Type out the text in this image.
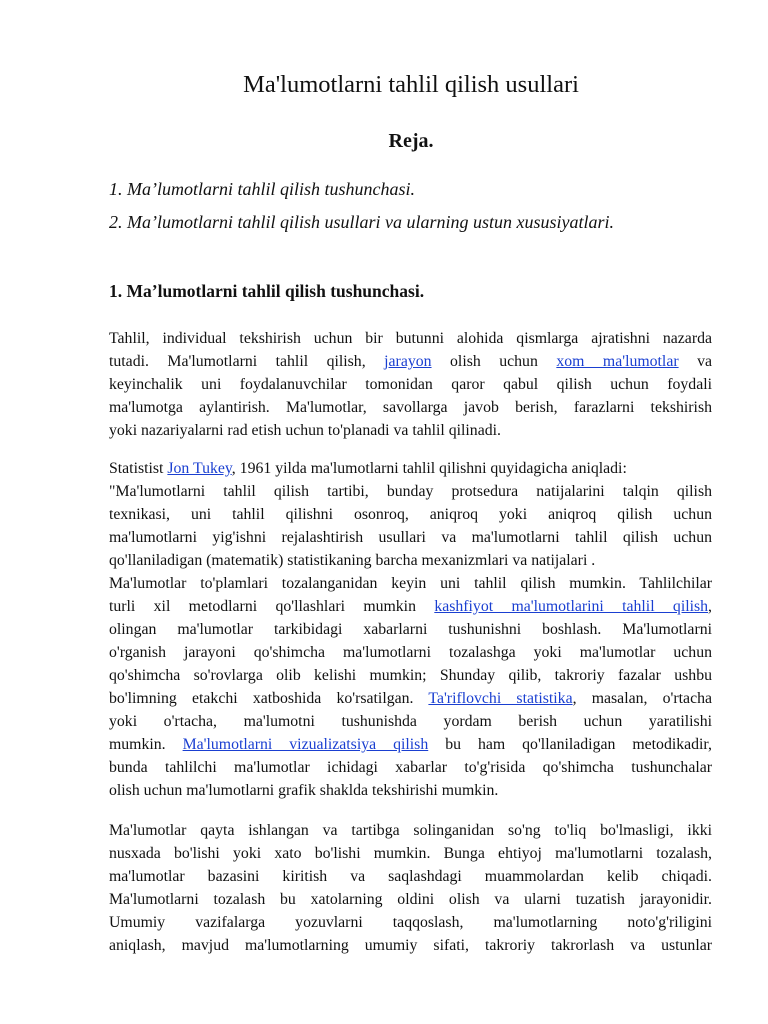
Ma'lumotlarni tahlil qilish usullari
Reja.
1. Ma’lumotlarni tahlil qilish tushunchasi.
2. Ma’lumotlarni tahlil qilish usullari va ularning ustun xususiyatlari.
1. Ma’lumotlarni tahlil qilish tushunchasi.
Tahlil, individual tekshirish uchun bir butunni alohida qismlarga ajratishni nazarda
tutadi. Ma'lumotlarni tahlil qilish, jarayon olish uchun xom ma'lumotlar va
keyinchalik uni foydalanuvchilar tomonidan qaror qabul qilish uchun foydali
ma'lumotga aylantirish. Ma'lumotlar, savollarga javob berish, farazlarni tekshirish
yoki nazariyalarni rad etish uchun to'planadi va tahlil qilinadi.
Statistist Jon Tukey, 1961 yilda ma'lumotlarni tahlil qilishni quyidagicha aniqladi:
"Ma'lumotlarni tahlil qilish tartibi, bunday protsedura natijalarini talqin qilish
texnikasi, uni tahlil qilishni osonroq, aniqroq yoki aniqroq qilish uchun
ma'lumotlarni yig'ishni rejalashtirish usullari va ma'lumotlarni tahlil qilish uchun
qo'llaniladigan (matematik) statistikaning barcha mexanizmlari va natijalari .
Ma'lumotlar to'plamlari tozalanganidan keyin uni tahlil qilish mumkin. Tahlilchilar
turli xil metodlarni qo'llashlari mumkin kashfiyot ma'lumotlarini tahlil qilish,
olingan ma'lumotlar tarkibidagi xabarlarni tushunishni boshlash. Ma'lumotlarni
o'rganish jarayoni qo'shimcha ma'lumotlarni tozalashga yoki ma'lumotlar uchun
qo'shimcha so'rovlarga olib kelishi mumkin; Shunday qilib, takroriy fazalar ushbu
bo'limning etakchi xatboshida ko'rsatilgan. Ta'riflovchi statistika, masalan, o'rtacha
yoki o'rtacha, ma'lumotni tushunishda yordam berish uchun yaratilishi
mumkin. Ma'lumotlarni vizualizatsiya qilish bu ham qo'llaniladigan metodikadir,
bunda tahlilchi ma'lumotlar ichidagi xabarlar to'g'risida qo'shimcha tushunchalar
olish uchun ma'lumotlarni grafik shaklda tekshirishi mumkin.
Ma'lumotlar qayta ishlangan va tartibga solinganidan so'ng to'liq bo'lmasligi, ikki
nusxada bo'lishi yoki xato bo'lishi mumkin. Bunga ehtiyoj ma'lumotlarni tozalash,
ma'lumotlar bazasini kiritish va saqlashdagi muammolardan kelib chiqadi.
Ma'lumotlarni tozalash bu xatolarning oldini olish va ularni tuzatish jarayonidir.
Umumiy vazifalarga yozuvlarni taqqoslash, ma'lumotlarning noto'g'riligini
aniqlash, mavjud ma'lumotlarning umumiy sifati, takroriy takrorlash va ustunlar
